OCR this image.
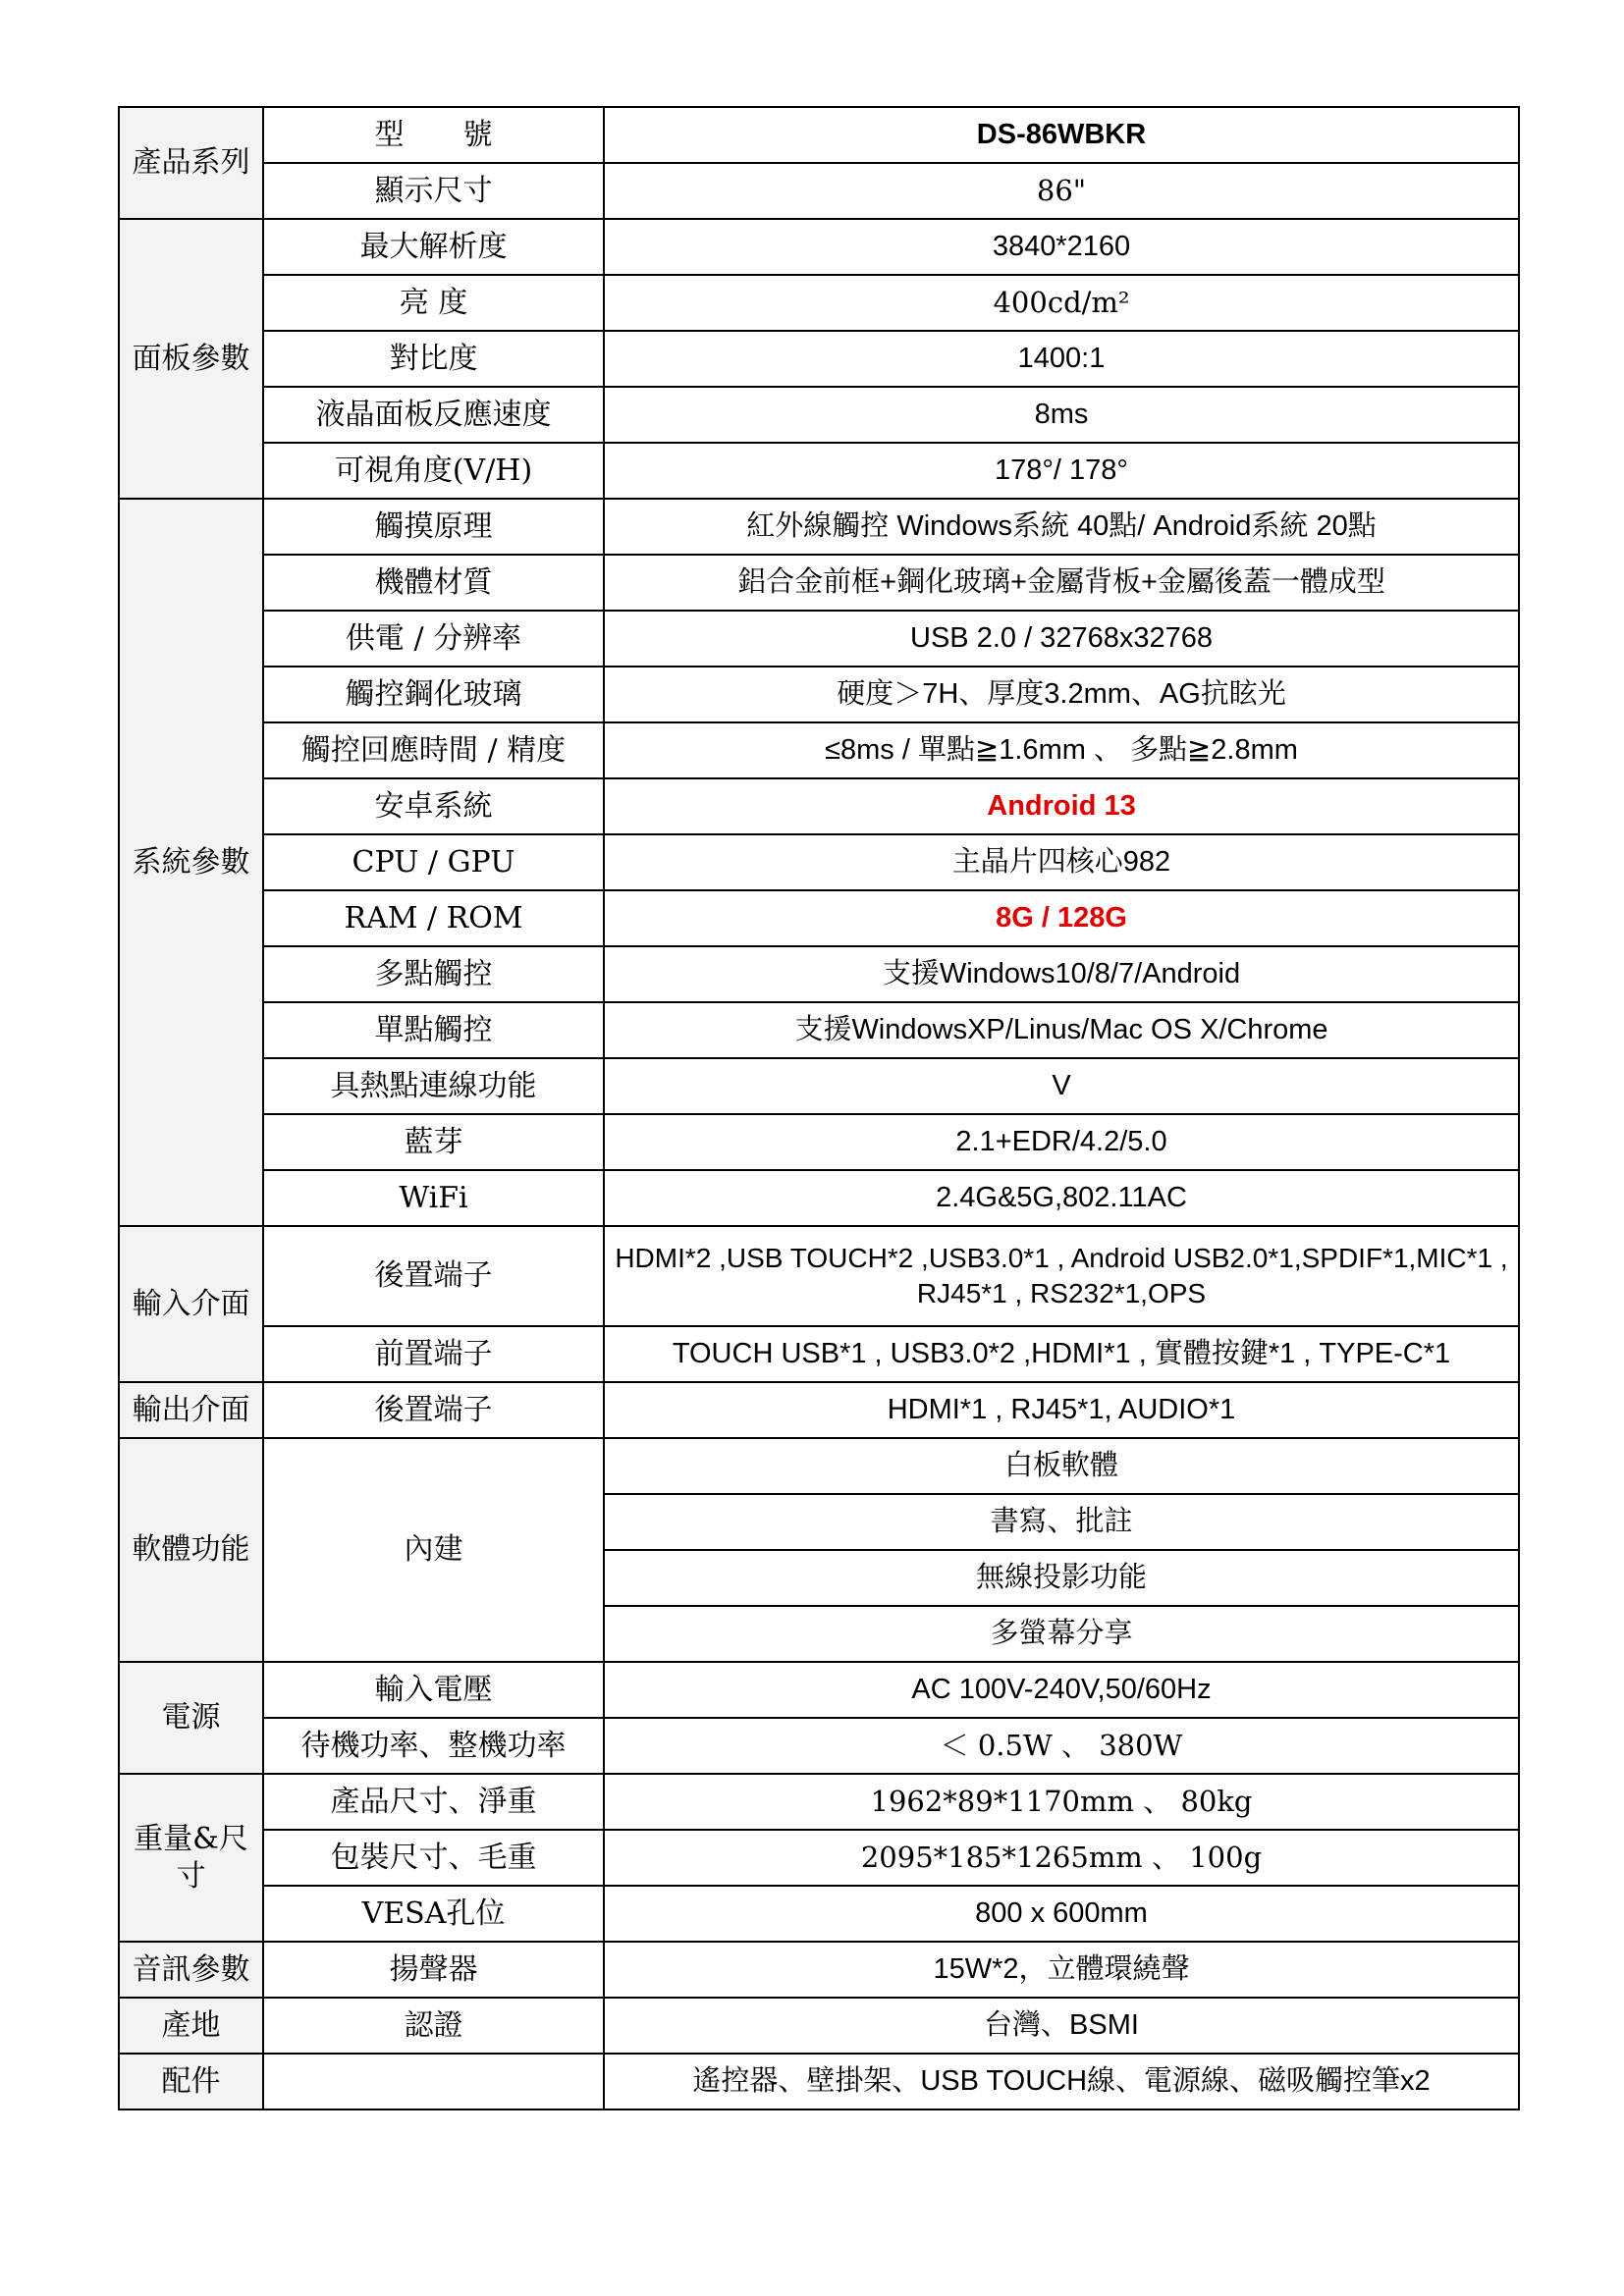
產品系列	型　　號	DS-86WBKR
	顯示尺寸	86"
面板參數	最大解析度	3840*2160
	亮 度	400cd/m²
	對比度	1400:1
	液晶面板反應速度	8ms
	可視角度(V/H)	178°/ 178°
系統參數	觸摸原理	紅外線觸控 Windows系統 40點/ Android系統 20點
	機體材質	鋁合金前框+鋼化玻璃+金屬背板+金屬後蓋一體成型
	供電 / 分辨率	USB 2.0 / 32768x32768
	觸控鋼化玻璃	硬度＞7H、厚度3.2mm、AG抗眩光
	觸控回應時間 / 精度	≤8ms / 單點≧1.6mm 、 多點≧2.8mm
	安卓系統	Android 13
	CPU / GPU	主晶片四核心982
	RAM / ROM	8G / 128G
	多點觸控	支援Windows10/8/7/Android
	單點觸控	支援WindowsXP/Linus/Mac OS X/Chrome
	具熱點連線功能	V
	藍芽	2.1+EDR/4.2/5.0
	WiFi	2.4G&5G,802.11AC
輸入介面	後置端子	HDMI*2 ,USB TOUCH*2 ,USB3.0*1 , Android USB2.0*1,SPDIF*1,MIC*1 , RJ45*1 , RS232*1,OPS
	前置端子	TOUCH USB*1 , USB3.0*2 ,HDMI*1 , 實體按鍵*1 , TYPE-C*1
輸出介面	後置端子	HDMI*1 , RJ45*1, AUDIO*1
軟體功能	內建	白板軟體
		書寫、批註
		無線投影功能
		多螢幕分享
電源	輸入電壓	AC 100V-240V,50/60Hz
	待機功率、整機功率	＜ 0.5W 、 380W
重量&尺寸	產品尺寸、淨重	1962*89*1170mm 、 80kg
	包裝尺寸、毛重	2095*185*1265mm 、 100g
	VESA孔位	800 x 600mm
音訊參數	揚聲器	15W*2，立體環繞聲
產地	認證	台灣、BSMI
配件		遙控器、壁掛架、USB TOUCH線、電源線、磁吸觸控筆x2
